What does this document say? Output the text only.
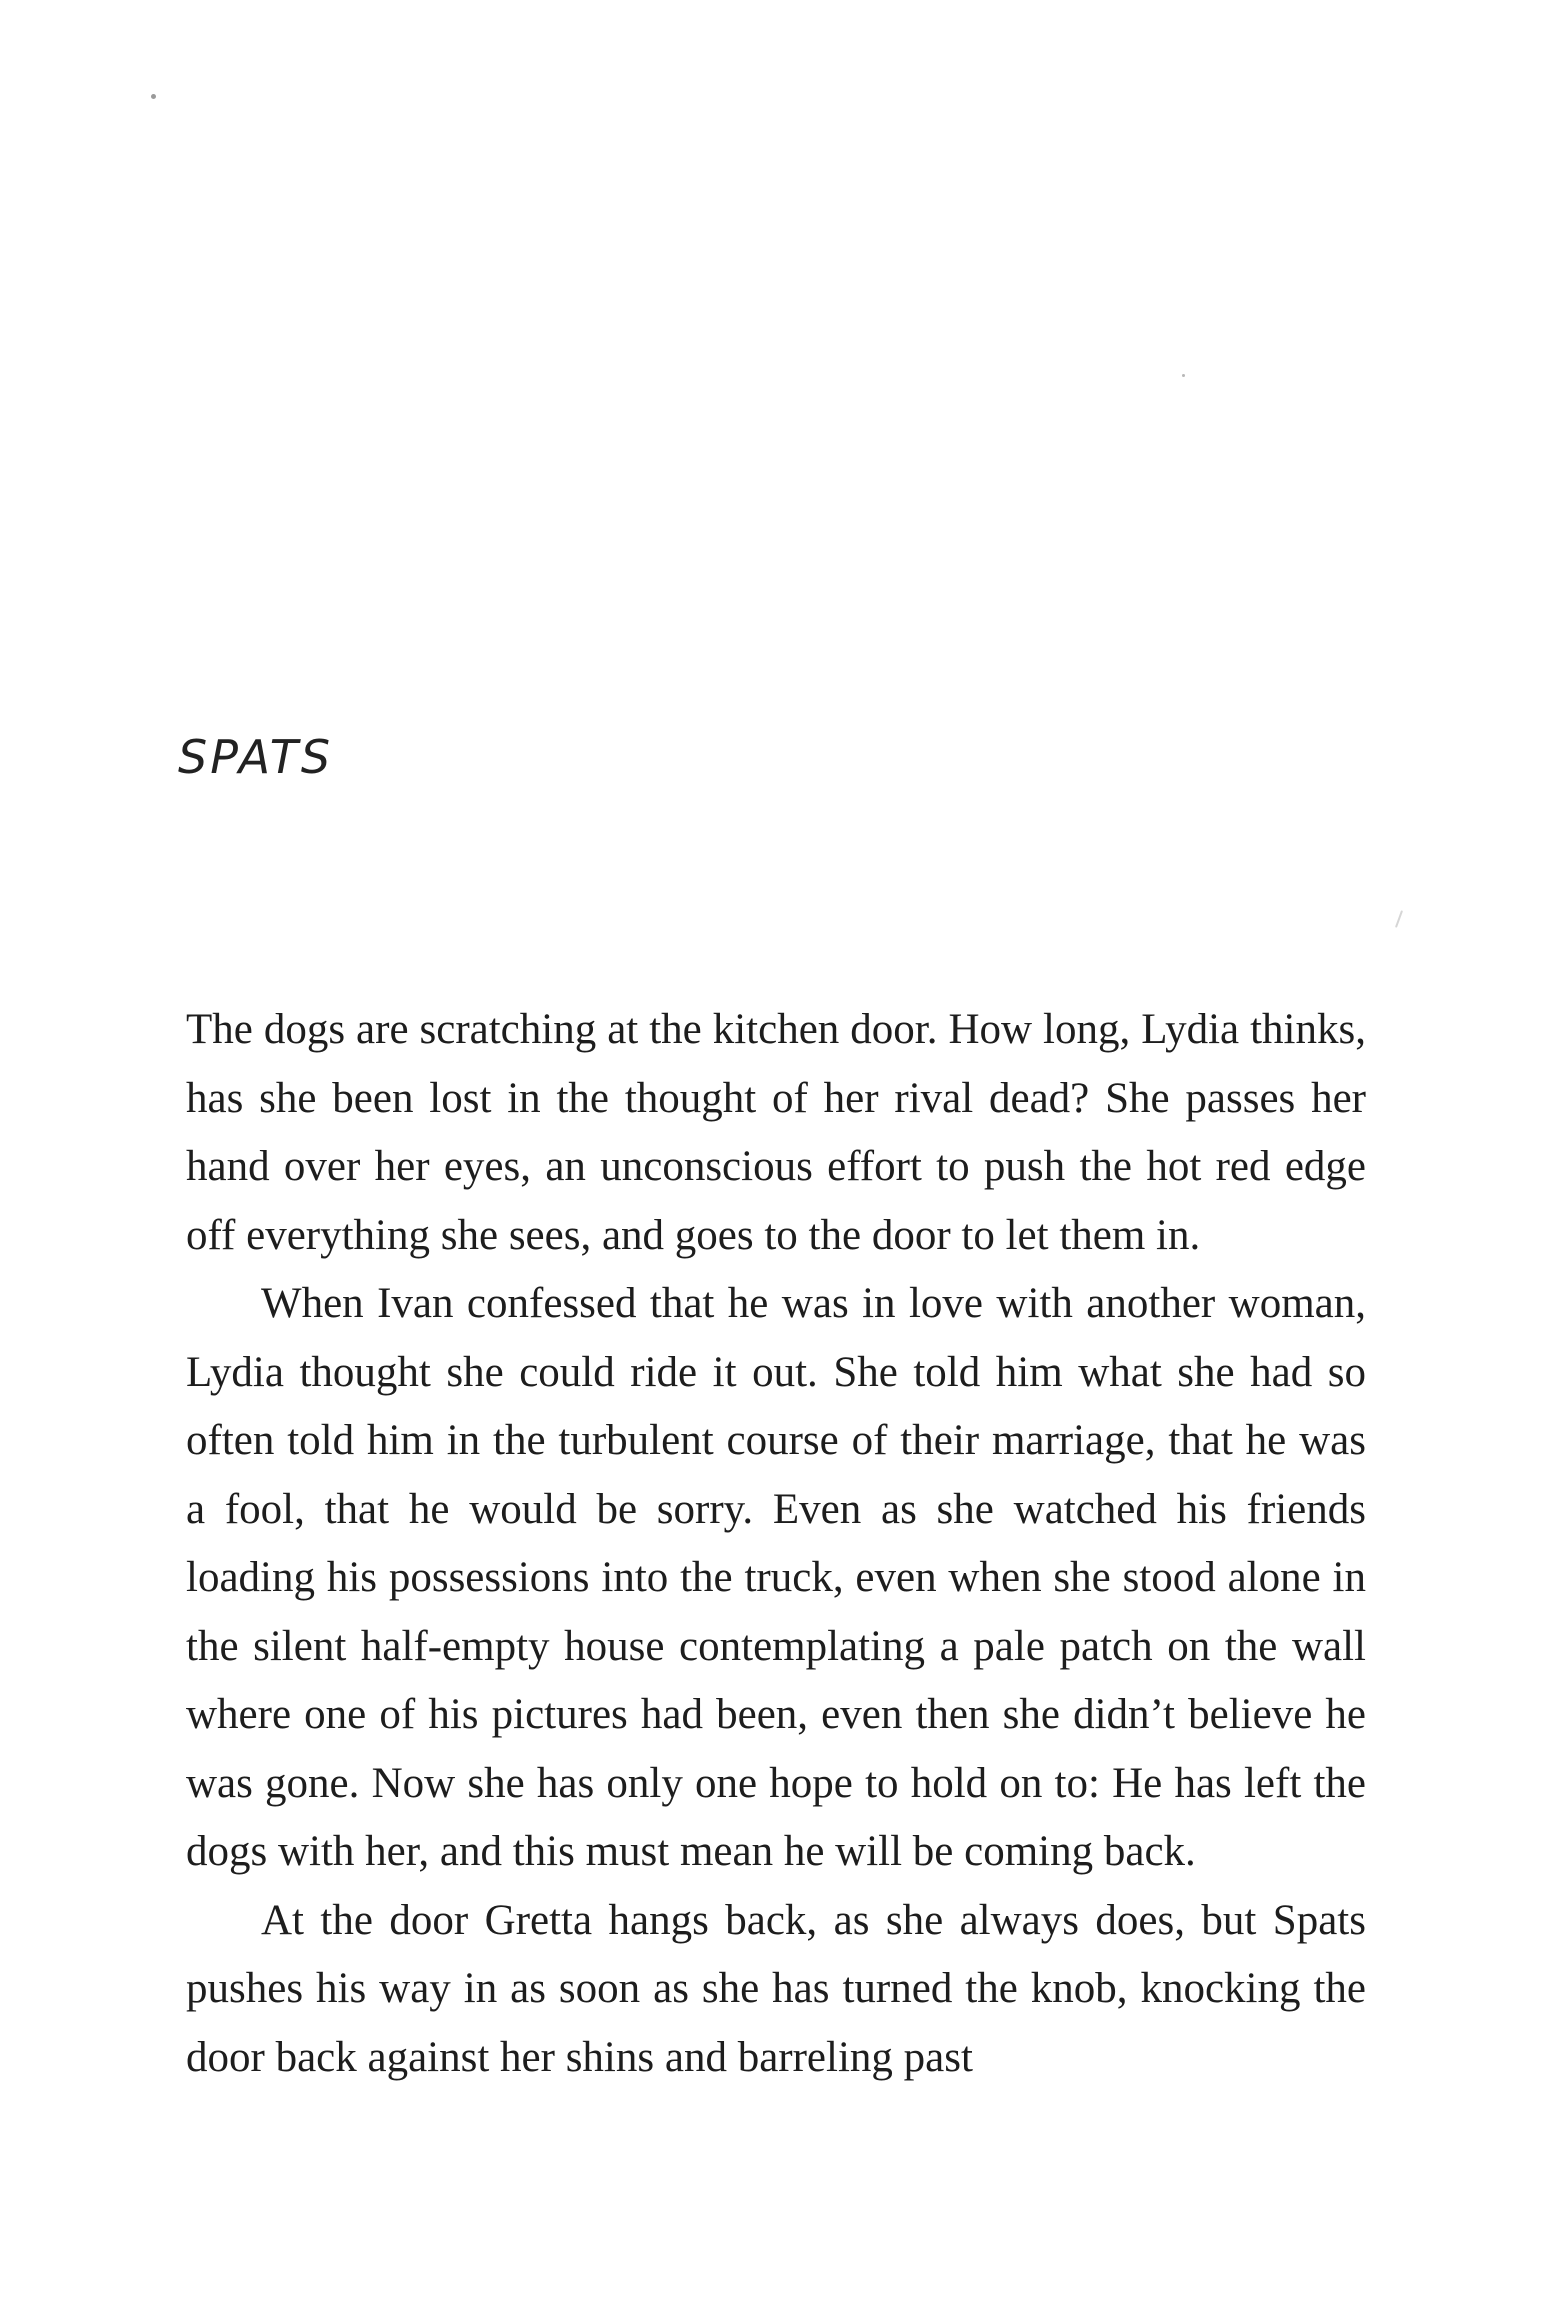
SPATS

The dogs are scratching at the kitchen door. How long, Lydia thinks, has she been lost in the thought of her rival dead? She passes her hand over her eyes, an unconscious effort to push the hot red edge off everything she sees, and goes to the door to let them in.

When Ivan confessed that he was in love with another woman, Lydia thought she could ride it out. She told him what she had so often told him in the turbulent course of their marriage, that he was a fool, that he would be sorry. Even as she watched his friends loading his possessions into the truck, even when she stood alone in the silent half-empty house contemplating a pale patch on the wall where one of his pictures had been, even then she didn’t believe he was gone. Now she has only one hope to hold on to: He has left the dogs with her, and this must mean he will be coming back.

At the door Gretta hangs back, as she always does, but Spats pushes his way in as soon as she has turned the knob, knocking the door back against her shins and barreling past
